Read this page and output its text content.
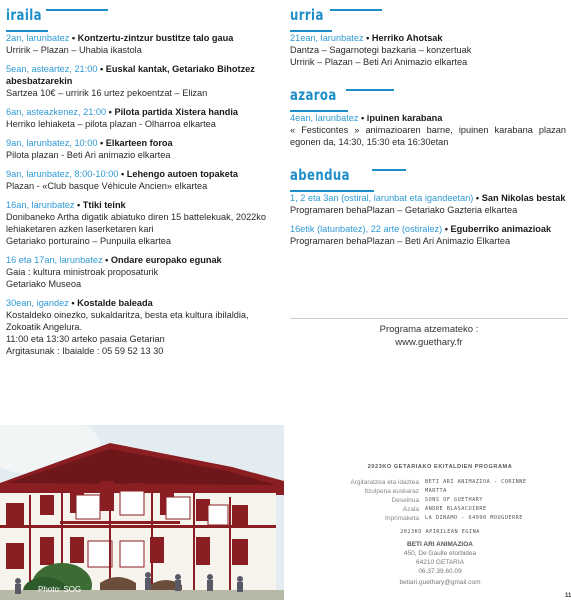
iraila

2an, larunbatez • Kontzertu-zintzur bustitze talo gaua

Urririk – Plazan – Uhabia ikastola

5ean, asteartez, 21:00 • Euskal kantak, Getariako Bihotzez abesbatzarekin

Sartzea 10€ – urririk 16 urtez pekoentzat – Elizan

6an, asteazkenez, 21:00 • Pilota partida Xistera handia

Herriko lehiaketa – pilota plazan - Olharroa elkartea

9an, larunbatez, 10:00 • Elkarteen foroa

Pilota plazan - Beti Ari animazio elkartea

9an, larunbatez, 8:00-10:00 • Lehengo autoen topaketa

Plazan - «Club basque Véhicule Ancien» elkartea

16an, larunbatez • Ttiki teink

Donibaneko Artha digatik abiatuko diren 15 battelekuak, 2022ko lehiaketaren azken laserketaren kari

Getariako porturaino – Punpuila elkartea

16 eta 17an, larunbatez • Ondare europako egunak

Gaia : kultura ministroak proposaturik

Getariako Museoa

30ean, igandez • Kostalde baleada

Kostaldeko oinezko, sukaldaritza, besta eta kultura ibilaldia, Zokoatik Angelura.

11:00 eta 13:30 arteko pasaia Getarian

Argitasunak : Ibaialde : 05 59 52 13 30

urria

21ean, larunbatez • Herriko Ahotsak

Dantza – Sagarnotegi bazkaria – konzertuak

Urririk – Plazan – Beti Ari Animazio elkartea

azaroa

4ean, larunbatez • ipuinen karabana

« Festicontes » animazioaren barne, ipuinen karabana plazan egonen da, 14:30, 15:30 eta 16:30etan

abendua

1, 2 eta 3an (ostiral, larunbat eta igandeetan) • San Nikolas bestak

Programaren behaPlazan – Getariako Gazteria elkartea

16etik (latunbatez), 22 arte (ostiralez) • Eguberriko animazioak

Programaren behaPlazan – Beti Ari Animazio Elkartea

Programa atzemateko :
www.guethary.fr
Photo: SOG
2023KO GETARIAKO EKITALDIEN PROGRAMA
Argitaratzea eta idaztea	BETI ARI ANIMAZIOA - CORINNE
Itzulpena euskaraz	MARTTA
Deseinua	SONS OF GUETHARY
Azala	ANDRE BLASACUIRRE
Inprimaketa	LA DINAMO - 64990 MOUGUERRE
2023KO APIRILEAN EGINA
BETI ARI ANIMAZIOA
450, De Gaulle etorbidea
64210 GETARIA
06.37.39.60.09
betiari.guethary@gmail.com
11
